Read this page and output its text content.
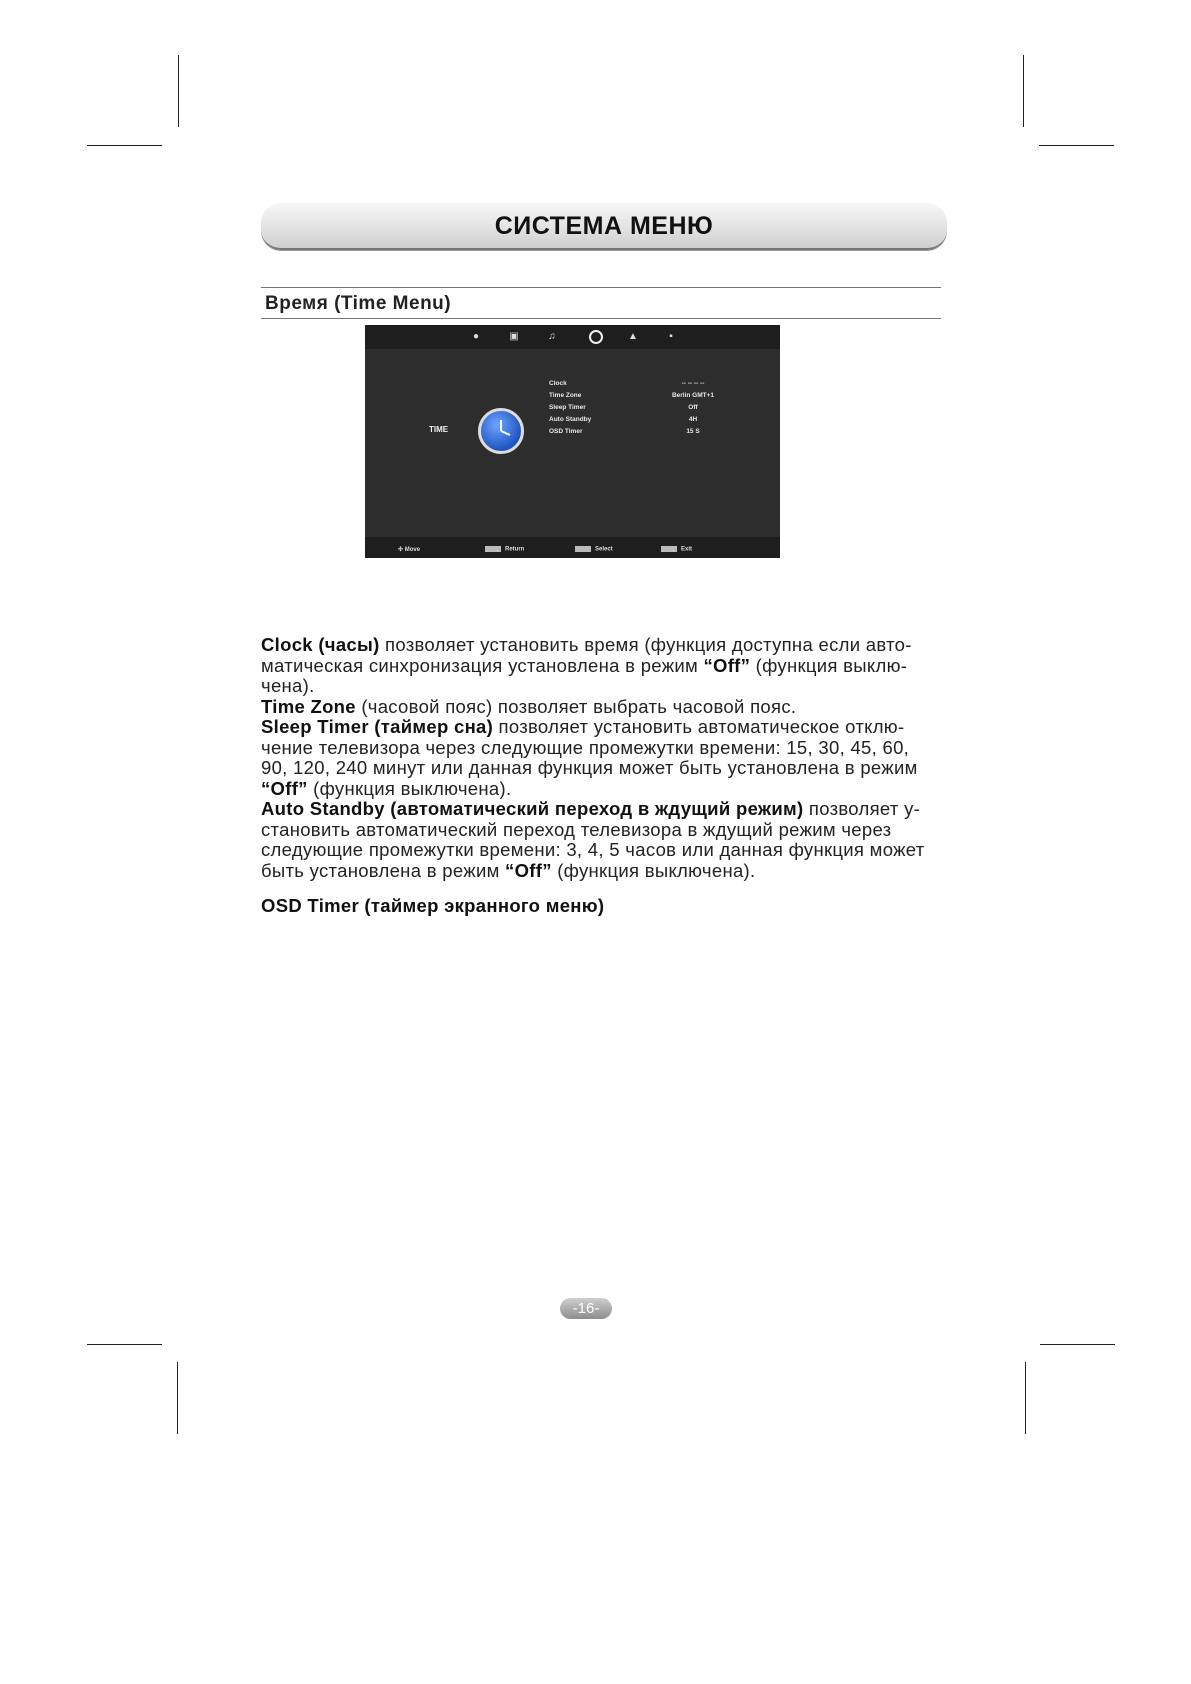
СИСТЕМА МЕНЮ
Время (Time Menu)
●	▣	♫	▲	▪
TIME
Clock	-- -- -- --
Time Zone	Berlin GMT+1
Sleep Timer	Off
Auto Standby	4H
OSD Timer	15 S
✣ Move	Return	Select	Exit
Clock (часы) позволяет установить время (функция доступна если авто-
матическая синхронизация установлена в режим “Off” (функция выклю-
чена).
Time Zone (часовой пояс) позволяет выбрать часовой пояс.
Sleep Timer (таймер сна) позволяет установить автоматическое отклю-
чение телевизора через следующие промежутки времени: 15, 30, 45, 60,
90, 120, 240 минут или данная функция может быть установлена в режим
“Off” (функция выключена).
Auto Standby (автоматический переход в ждущий режим) позволяет у-
становить автоматический переход телевизора в ждущий режим через
следующие промежутки времени: 3, 4, 5 часов или данная функция может
быть установлена в режим “Off” (функция выключена).
OSD Timer (таймер экранного меню)
-16-
